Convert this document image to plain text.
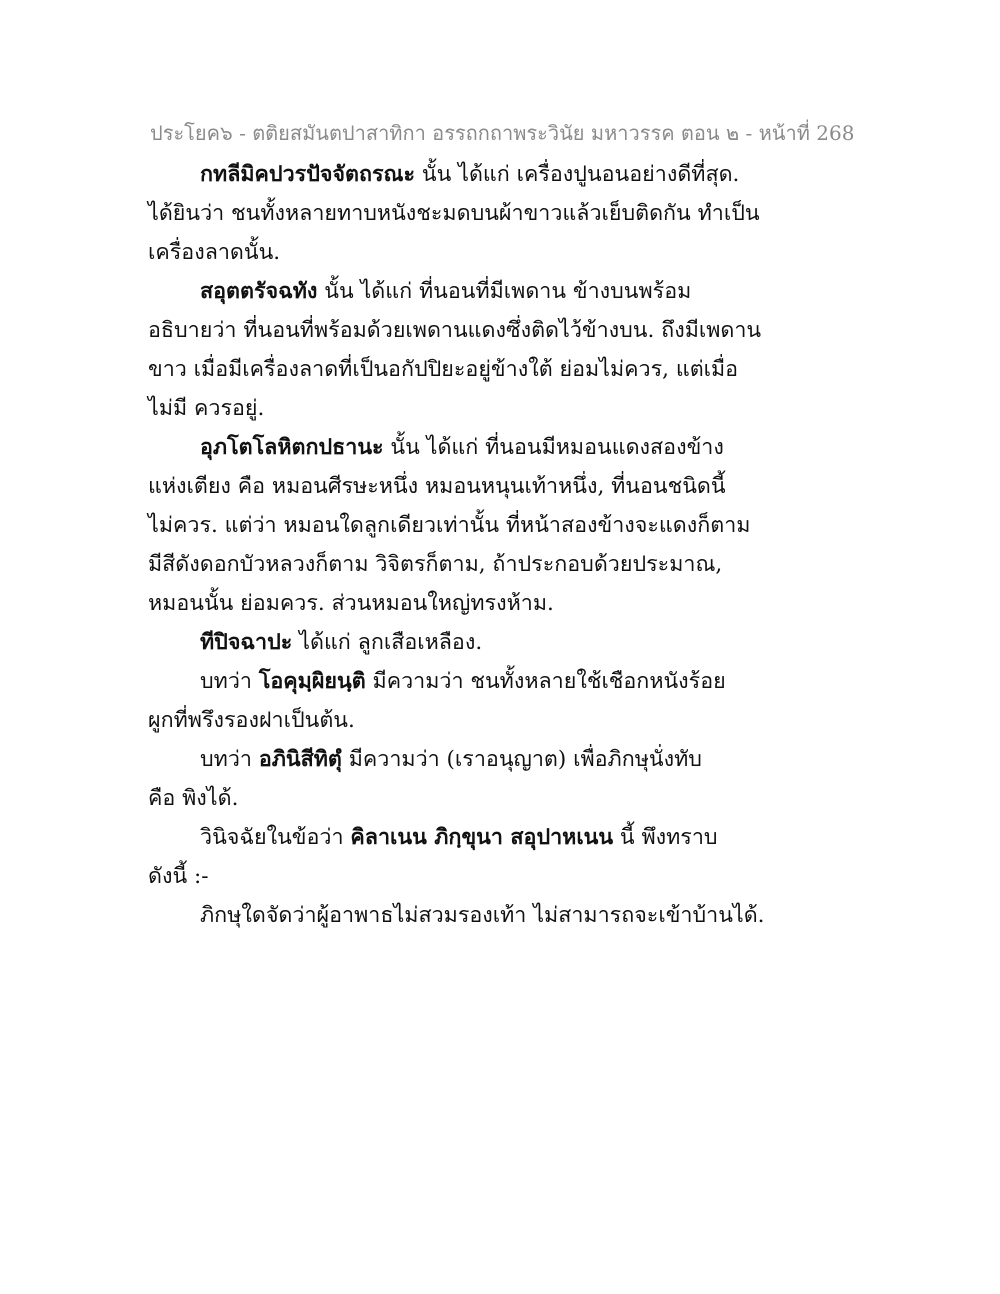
ประโยค๖ - ตติยสมันตปาสาทิกา อรรถกถาพระวินัย มหาวรรค ตอน ๒ - หน้าที่ 268
กทลีมิคปวรปัจจัตถรณะ นั้น ได้แก่ เครื่องปูนอนอย่างดีที่สุด.
ได้ยินว่า ชนทั้งหลายทาบหนังชะมดบนผ้าขาวแล้วเย็บติดกัน ทำเป็น
เครื่องลาดนั้น.
สอุตตรัจฉทัง นั้น ได้แก่ ที่นอนที่มีเพดาน ข้างบนพร้อม
อธิบายว่า ที่นอนที่พร้อมด้วยเพดานแดงซึ่งติดไว้ข้างบน. ถึงมีเพดาน
ขาว เมื่อมีเครื่องลาดที่เป็นอกัปปิยะอยู่ข้างใต้ ย่อมไม่ควร, แต่เมื่อ
ไม่มี ควรอยู่.
อุภโตโลหิตกปธานะ นั้น ได้แก่ ที่นอนมีหมอนแดงสองข้าง
แห่งเตียง คือ หมอนศีรษะหนึ่ง หมอนหนุนเท้าหนึ่ง, ที่นอนชนิดนี้
ไม่ควร. แต่ว่า หมอนใดลูกเดียวเท่านั้น ที่หน้าสองข้างจะแดงก็ตาม
มีสีดังดอกบัวหลวงก็ตาม วิจิตรก็ตาม, ถ้าประกอบด้วยประมาณ,
หมอนนั้น ย่อมควร. ส่วนหมอนใหญ่ทรงห้าม.
ทีปิจฉาปะ ได้แก่ ลูกเสือเหลือง.
บทว่า โอคุมฺผิยนฺติ มีความว่า ชนทั้งหลายใช้เชือกหนังร้อย
ผูกที่พรึงรองฝาเป็นต้น.
บทว่า อภินิสีทิตุํ มีความว่า (เราอนุญาต) เพื่อภิกษุนั่งทับ
คือ พิงได้.
วินิจฉัยในข้อว่า คิลาเนน ภิกฺขุนา สอุปาหเนน นี้ พึงทราบ
ดังนี้ :-
ภิกษุใดจัดว่าผู้อาพาธไม่สวมรองเท้า ไม่สามารถจะเข้าบ้านได้.
